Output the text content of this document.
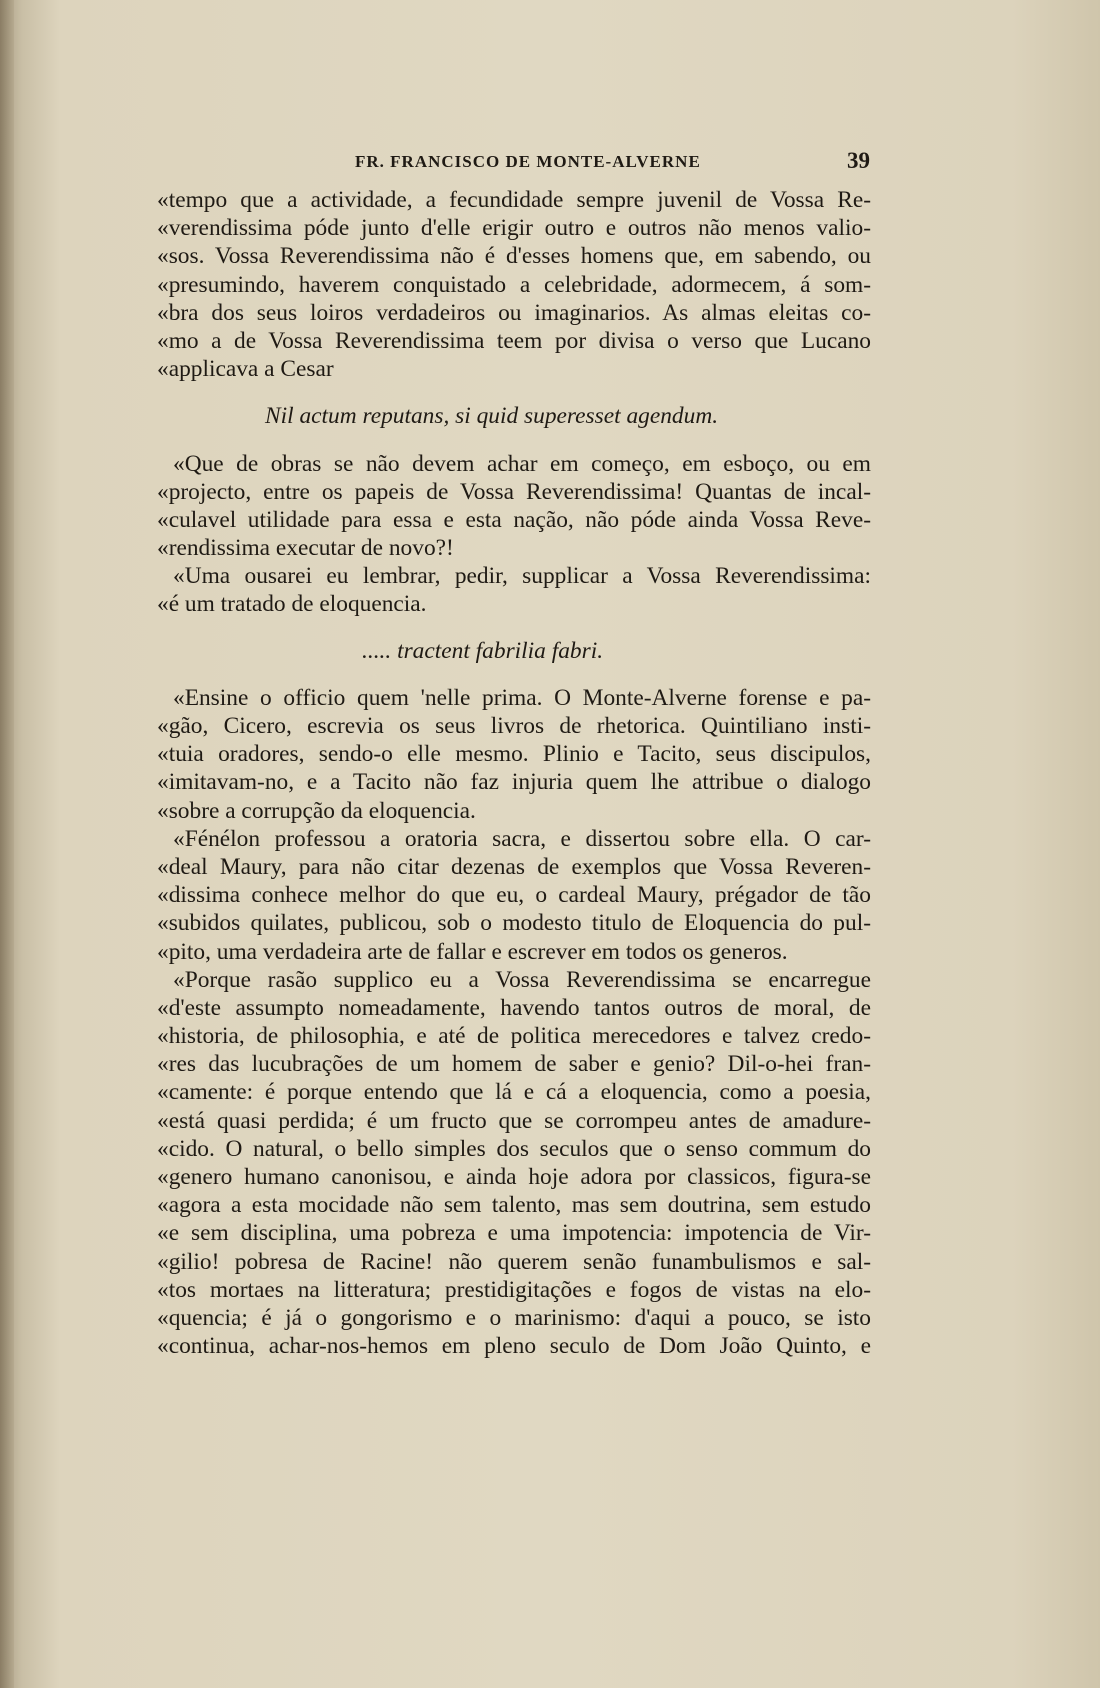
FR. FRANCISCO DE MONTE-ALVERNE	39
«tempo que a actividade, a fecundidade sempre juvenil de Vossa Re-
«verendissima póde junto d'elle erigir outro e outros não menos valio-
«sos. Vossa Reverendissima não é d'esses homens que, em sabendo, ou
«presumindo, haverem conquistado a celebridade, adormecem, á som-
«bra dos seus loiros verdadeiros ou imaginarios. As almas eleitas co-
«mo a de Vossa Reverendissima teem por divisa o verso que Lucano
«applicava a Cesar
Nil actum reputans, si quid superesset agendum.
«Que de obras se não devem achar em começo, em esboço, ou em
«projecto, entre os papeis de Vossa Reverendissima! Quantas de incal-
«culavel utilidade para essa e esta nação, não póde ainda Vossa Reve-
«rendissima executar de novo?!
«Uma ousarei eu lembrar, pedir, supplicar a Vossa Reverendissima:
«é um tratado de eloquencia.
..... tractent fabrilia fabri.
«Ensine o officio quem 'nelle prima. O Monte-Alverne forense e pa-
«gão, Cicero, escrevia os seus livros de rhetorica. Quintiliano insti-
«tuia oradores, sendo-o elle mesmo. Plinio e Tacito, seus discipulos,
«imitavam-no, e a Tacito não faz injuria quem lhe attribue o dialogo
«sobre a corrupção da eloquencia.
«Fénélon professou a oratoria sacra, e dissertou sobre ella. O car-
«deal Maury, para não citar dezenas de exemplos que Vossa Reveren-
«dissima conhece melhor do que eu, o cardeal Maury, prégador de tão
«subidos quilates, publicou, sob o modesto titulo de Eloquencia do pul-
«pito, uma verdadeira arte de fallar e escrever em todos os generos.
«Porque rasão supplico eu a Vossa Reverendissima se encarregue
«d'este assumpto nomeadamente, havendo tantos outros de moral, de
«historia, de philosophia, e até de politica merecedores e talvez credo-
«res das lucubrações de um homem de saber e genio? Dil-o-hei fran-
«camente: é porque entendo que lá e cá a eloquencia, como a poesia,
«está quasi perdida; é um fructo que se corrompeu antes de amadure-
«cido. O natural, o bello simples dos seculos que o senso commum do
«genero humano canonisou, e ainda hoje adora por classicos, figura-se
«agora a esta mocidade não sem talento, mas sem doutrina, sem estudo
«e sem disciplina, uma pobreza e uma impotencia: impotencia de Vir-
«gilio! pobresa de Racine! não querem senão funambulismos e sal-
«tos mortaes na litteratura; prestidigitações e fogos de vistas na elo-
«quencia; é já o gongorismo e o marinismo: d'aqui a pouco, se isto
«continua, achar-nos-hemos em pleno seculo de Dom João Quinto, e
